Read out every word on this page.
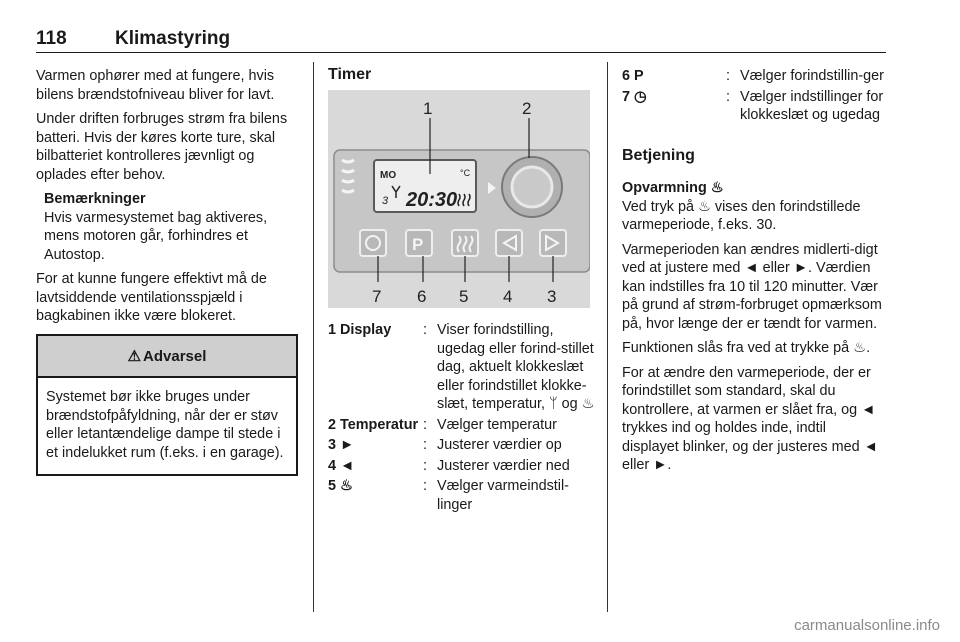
118	Klimastyring

Varmen ophører med at fungere, hvis bilens brændstofniveau bliver for lavt.

Under driften forbruges strøm fra bilens batteri. Hvis der køres korte ture, skal bilbatteriet kontrolleres jævnligt og oplades efter behov.

Bemærkninger

Hvis varmesystemet bag aktiveres, mens motoren går, forhindres et Autostop.

For at kunne fungere effektivt må de lavtsiddende ventilationsspjæld i bagkabinen ikke være blokeret.

⚠ Advarsel
Systemet bør ikke bruges under brændstofpåfyldning, når der er støv eller letantændelige dampe til stede i et indelukket rum (f.eks. i en garage).
Timer
MO	°C
3 20:30
P
1	2
7 6 5 4 3
1 Display	: Viser forindstilling, ugedag eller forind-stillet dag, aktuelt klokkeslæt eller forindstillet klokke-slæt, temperatur, ᛘ og ♨
2 Temperatur : Vælger temperatur
3 ►	: Justerer værdier op
4 ◄	: Justerer værdier ned
5 ♨	: Vælger varmeindstil-linger
6 P	: Vælger forindstillin-ger
7 ◷	: Vælger indstillinger for klokkeslæt og ugedag
Betjening
Opvarmning ♨

Ved tryk på ♨ vises den forindstillede varmeperiode, f.eks. 30.

Varmeperioden kan ændres midlerti-digt ved at justere med ◄ eller ►. Værdien kan indstilles fra 10 til 120 minutter. Vær på grund af strøm-forbruget opmærksom på, hvor længe der er tændt for varmen.

Funktionen slås fra ved at trykke på ♨.

For at ændre den varmeperiode, der er forindstillet som standard, skal du kontrollere, at varmen er slået fra, og ◄ trykkes ind og holdes inde, indtil displayet blinker, og der justeres med ◄ eller ►.

carmanualsonline.info
